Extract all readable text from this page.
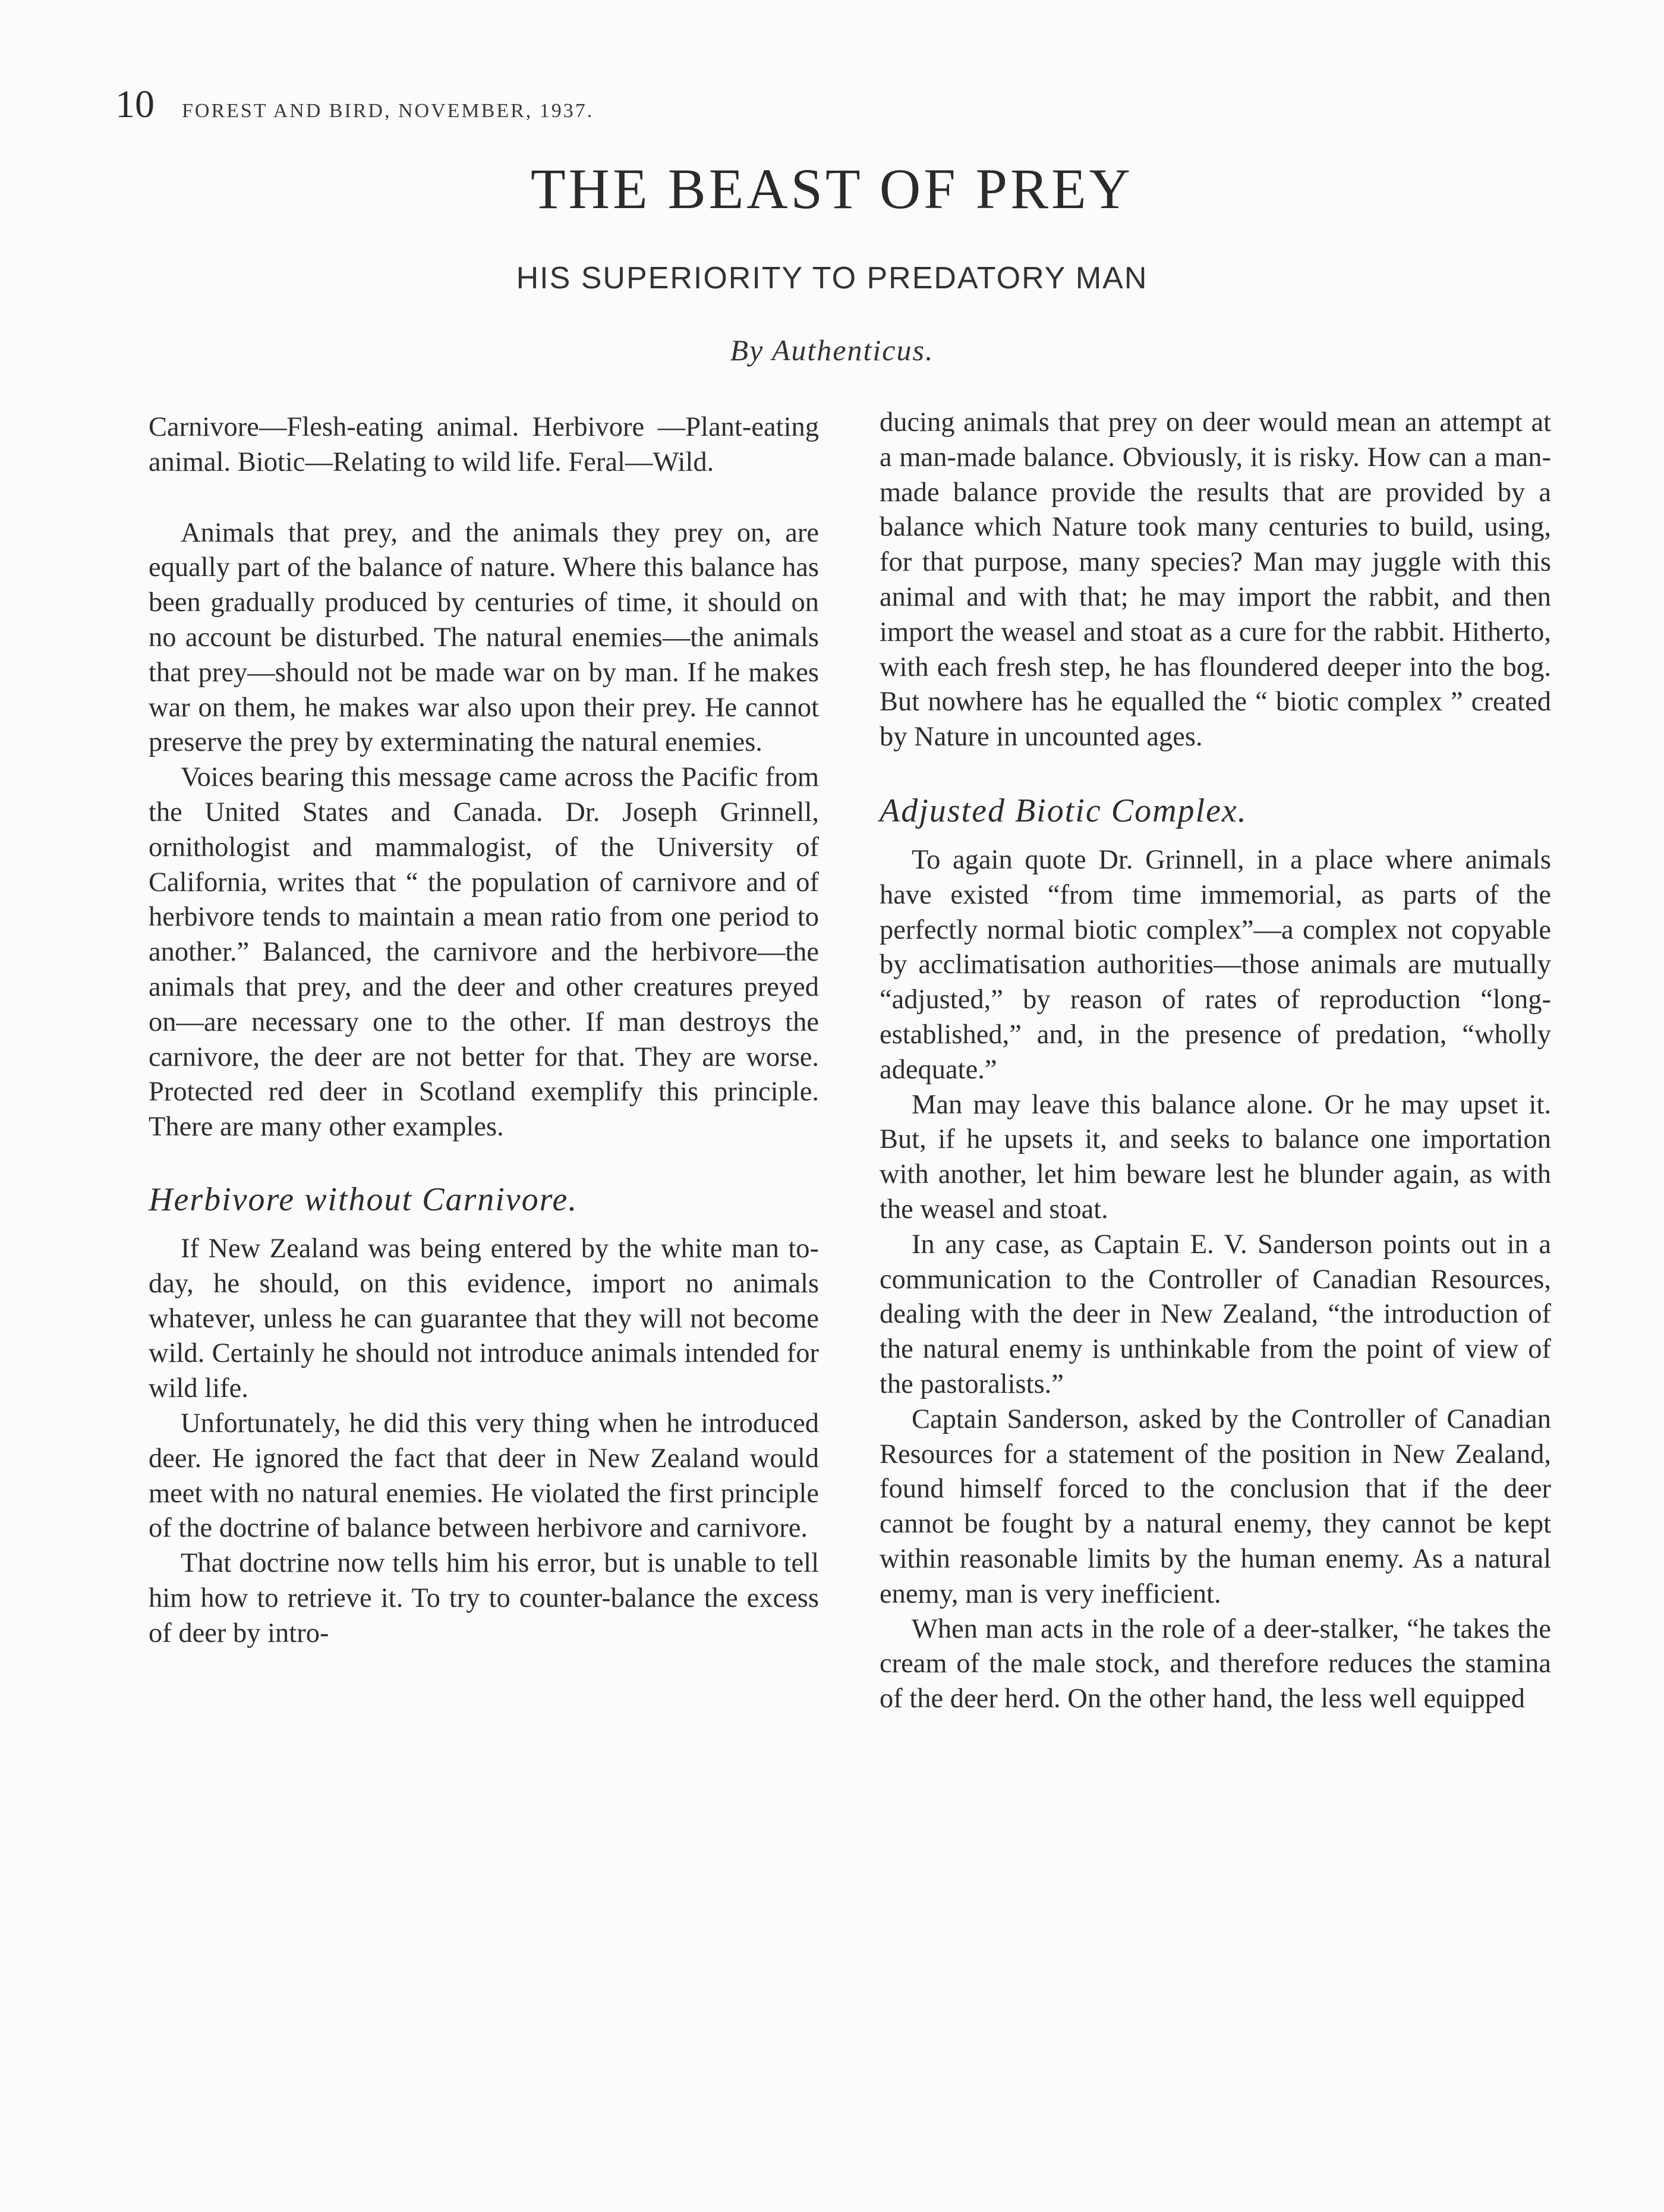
10 FOREST AND BIRD, NOVEMBER, 1937.
THE BEAST OF PREY
HIS SUPERIORITY TO PREDATORY MAN
By Authenticus.

Carnivore—Flesh-eating animal. Herbivore —Plant-eating animal. Biotic—Relating to wild life. Feral—Wild.

Animals that prey, and the animals they prey on, are equally part of the balance of nature. Where this balance has been gradually produced by centuries of time, it should on no account be disturbed. The natural enemies—the animals that prey—should not be made war on by man. If he makes war on them, he makes war also upon their prey. He cannot preserve the prey by exterminating the natural enemies.

Voices bearing this message came across the Pacific from the United States and Canada. Dr. Joseph Grinnell, ornithologist and mammalogist, of the University of California, writes that “ the population of carnivore and of herbivore tends to maintain a mean ratio from one period to another.” Balanced, the carnivore and the herbivore—the animals that prey, and the deer and other creatures preyed on—are necessary one to the other. If man destroys the carnivore, the deer are not better for that. They are worse. Protected red deer in Scotland exemplify this principle. There are many other examples.

Herbivore without Carnivore.

If New Zealand was being entered by the white man to-day, he should, on this evidence, import no animals whatever, unless he can guarantee that they will not become wild. Certainly he should not introduce animals intended for wild life.

Unfortunately, he did this very thing when he introduced deer. He ignored the fact that deer in New Zealand would meet with no natural enemies. He violated the first principle of the doctrine of balance between herbivore and carnivore.

That doctrine now tells him his error, but is unable to tell him how to retrieve it. To try to counter-balance the excess of deer by intro-

ducing animals that prey on deer would mean an attempt at a man-made balance. Obviously, it is risky. How can a man-made balance provide the results that are provided by a balance which Nature took many centuries to build, using, for that purpose, many species? Man may juggle with this animal and with that; he may import the rabbit, and then import the weasel and stoat as a cure for the rabbit. Hitherto, with each fresh step, he has floundered deeper into the bog. But nowhere has he equalled the “ biotic complex ” created by Nature in uncounted ages.

Adjusted Biotic Complex.

To again quote Dr. Grinnell, in a place where animals have existed “from time immemorial, as parts of the perfectly normal biotic complex”—a complex not copyable by acclimatisation authorities—those animals are mutually “adjusted,” by reason of rates of reproduction “long-established,” and, in the presence of predation, “wholly adequate.”

Man may leave this balance alone. Or he may upset it. But, if he upsets it, and seeks to balance one importation with another, let him beware lest he blunder again, as with the weasel and stoat.

In any case, as Captain E. V. Sanderson points out in a communication to the Controller of Canadian Resources, dealing with the deer in New Zealand, “the introduction of the natural enemy is unthinkable from the point of view of the pastoralists.”

Captain Sanderson, asked by the Controller of Canadian Resources for a statement of the position in New Zealand, found himself forced to the conclusion that if the deer cannot be fought by a natural enemy, they cannot be kept within reasonable limits by the human enemy. As a natural enemy, man is very inefficient.

When man acts in the role of a deer-stalker, “he takes the cream of the male stock, and therefore reduces the stamina of the deer herd. On the other hand, the less well equipped
